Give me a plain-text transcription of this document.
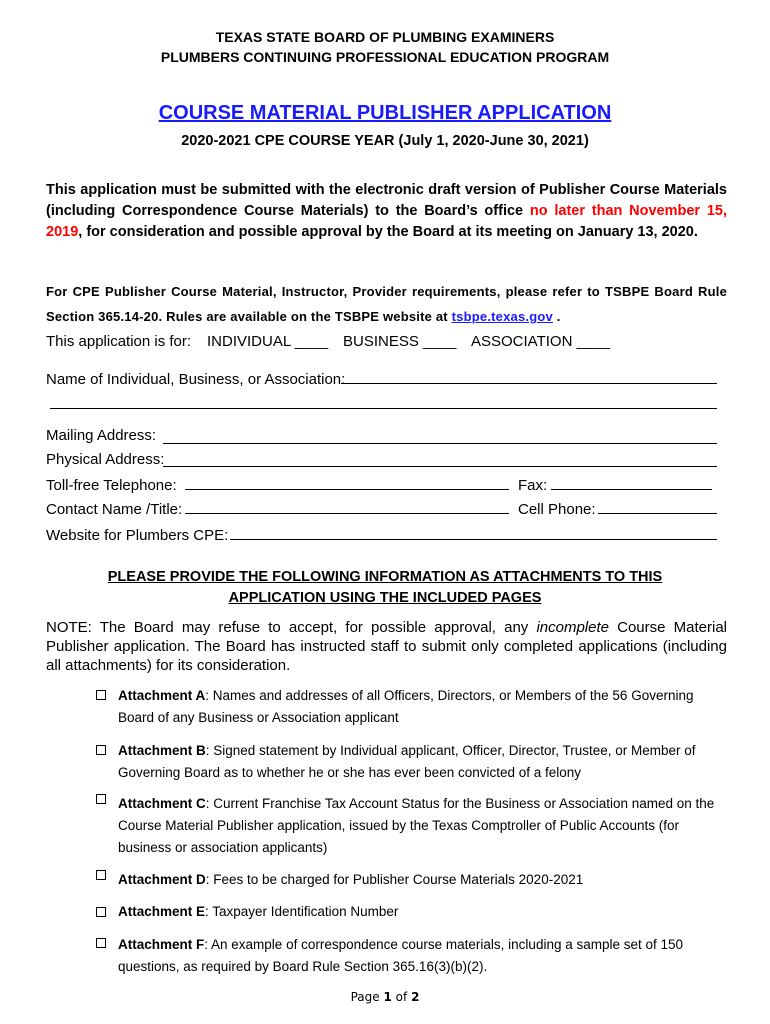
TEXAS STATE BOARD OF PLUMBING EXAMINERS
PLUMBERS CONTINUING PROFESSIONAL EDUCATION PROGRAM
COURSE MATERIAL PUBLISHER APPLICATION
2020-2021 CPE COURSE YEAR (July 1, 2020-June 30, 2021)
This application must be submitted with the electronic draft version of Publisher Course Materials (including Correspondence Course Materials) to the Board’s office no later than November 15, 2019, for consideration and possible approval by the Board at its meeting on January 13, 2020.
For CPE Publisher Course Material, Instructor, Provider requirements, please refer to TSBPE Board Rule Section 365.14-20. Rules are available on the TSBPE website at tsbpe.texas.gov .
This application is for: INDIVIDUAL ____ BUSINESS ____ ASSOCIATION ____
Name of Individual, Business, or Association:
Mailing Address:
Physical Address:
Toll-free Telephone:	Fax:
Contact Name /Title:	Cell Phone:
Website for Plumbers CPE:
PLEASE PROVIDE THE FOLLOWING INFORMATION AS ATTACHMENTS TO THIS
APPLICATION USING THE INCLUDED PAGES
NOTE: The Board may refuse to accept, for possible approval, any incomplete Course Material Publisher application. The Board has instructed staff to submit only completed applications (including all attachments) for its consideration.
Attachment A: Names and addresses of all Officers, Directors, or Members of the 56 Governing Board of any Business or Association applicant
Attachment B: Signed statement by Individual applicant, Officer, Director, Trustee, or Member of Governing Board as to whether he or she has ever been convicted of a felony
Attachment C: Current Franchise Tax Account Status for the Business or Association named on the Course Material Publisher application, issued by the Texas Comptroller of Public Accounts (for business or association applicants)
Attachment D: Fees to be charged for Publisher Course Materials 2020-2021
Attachment E: Taxpayer Identification Number
Attachment F: An example of correspondence course materials, including a sample set of 150 questions, as required by Board Rule Section 365.16(3)(b)(2).
Page 1 of 2
